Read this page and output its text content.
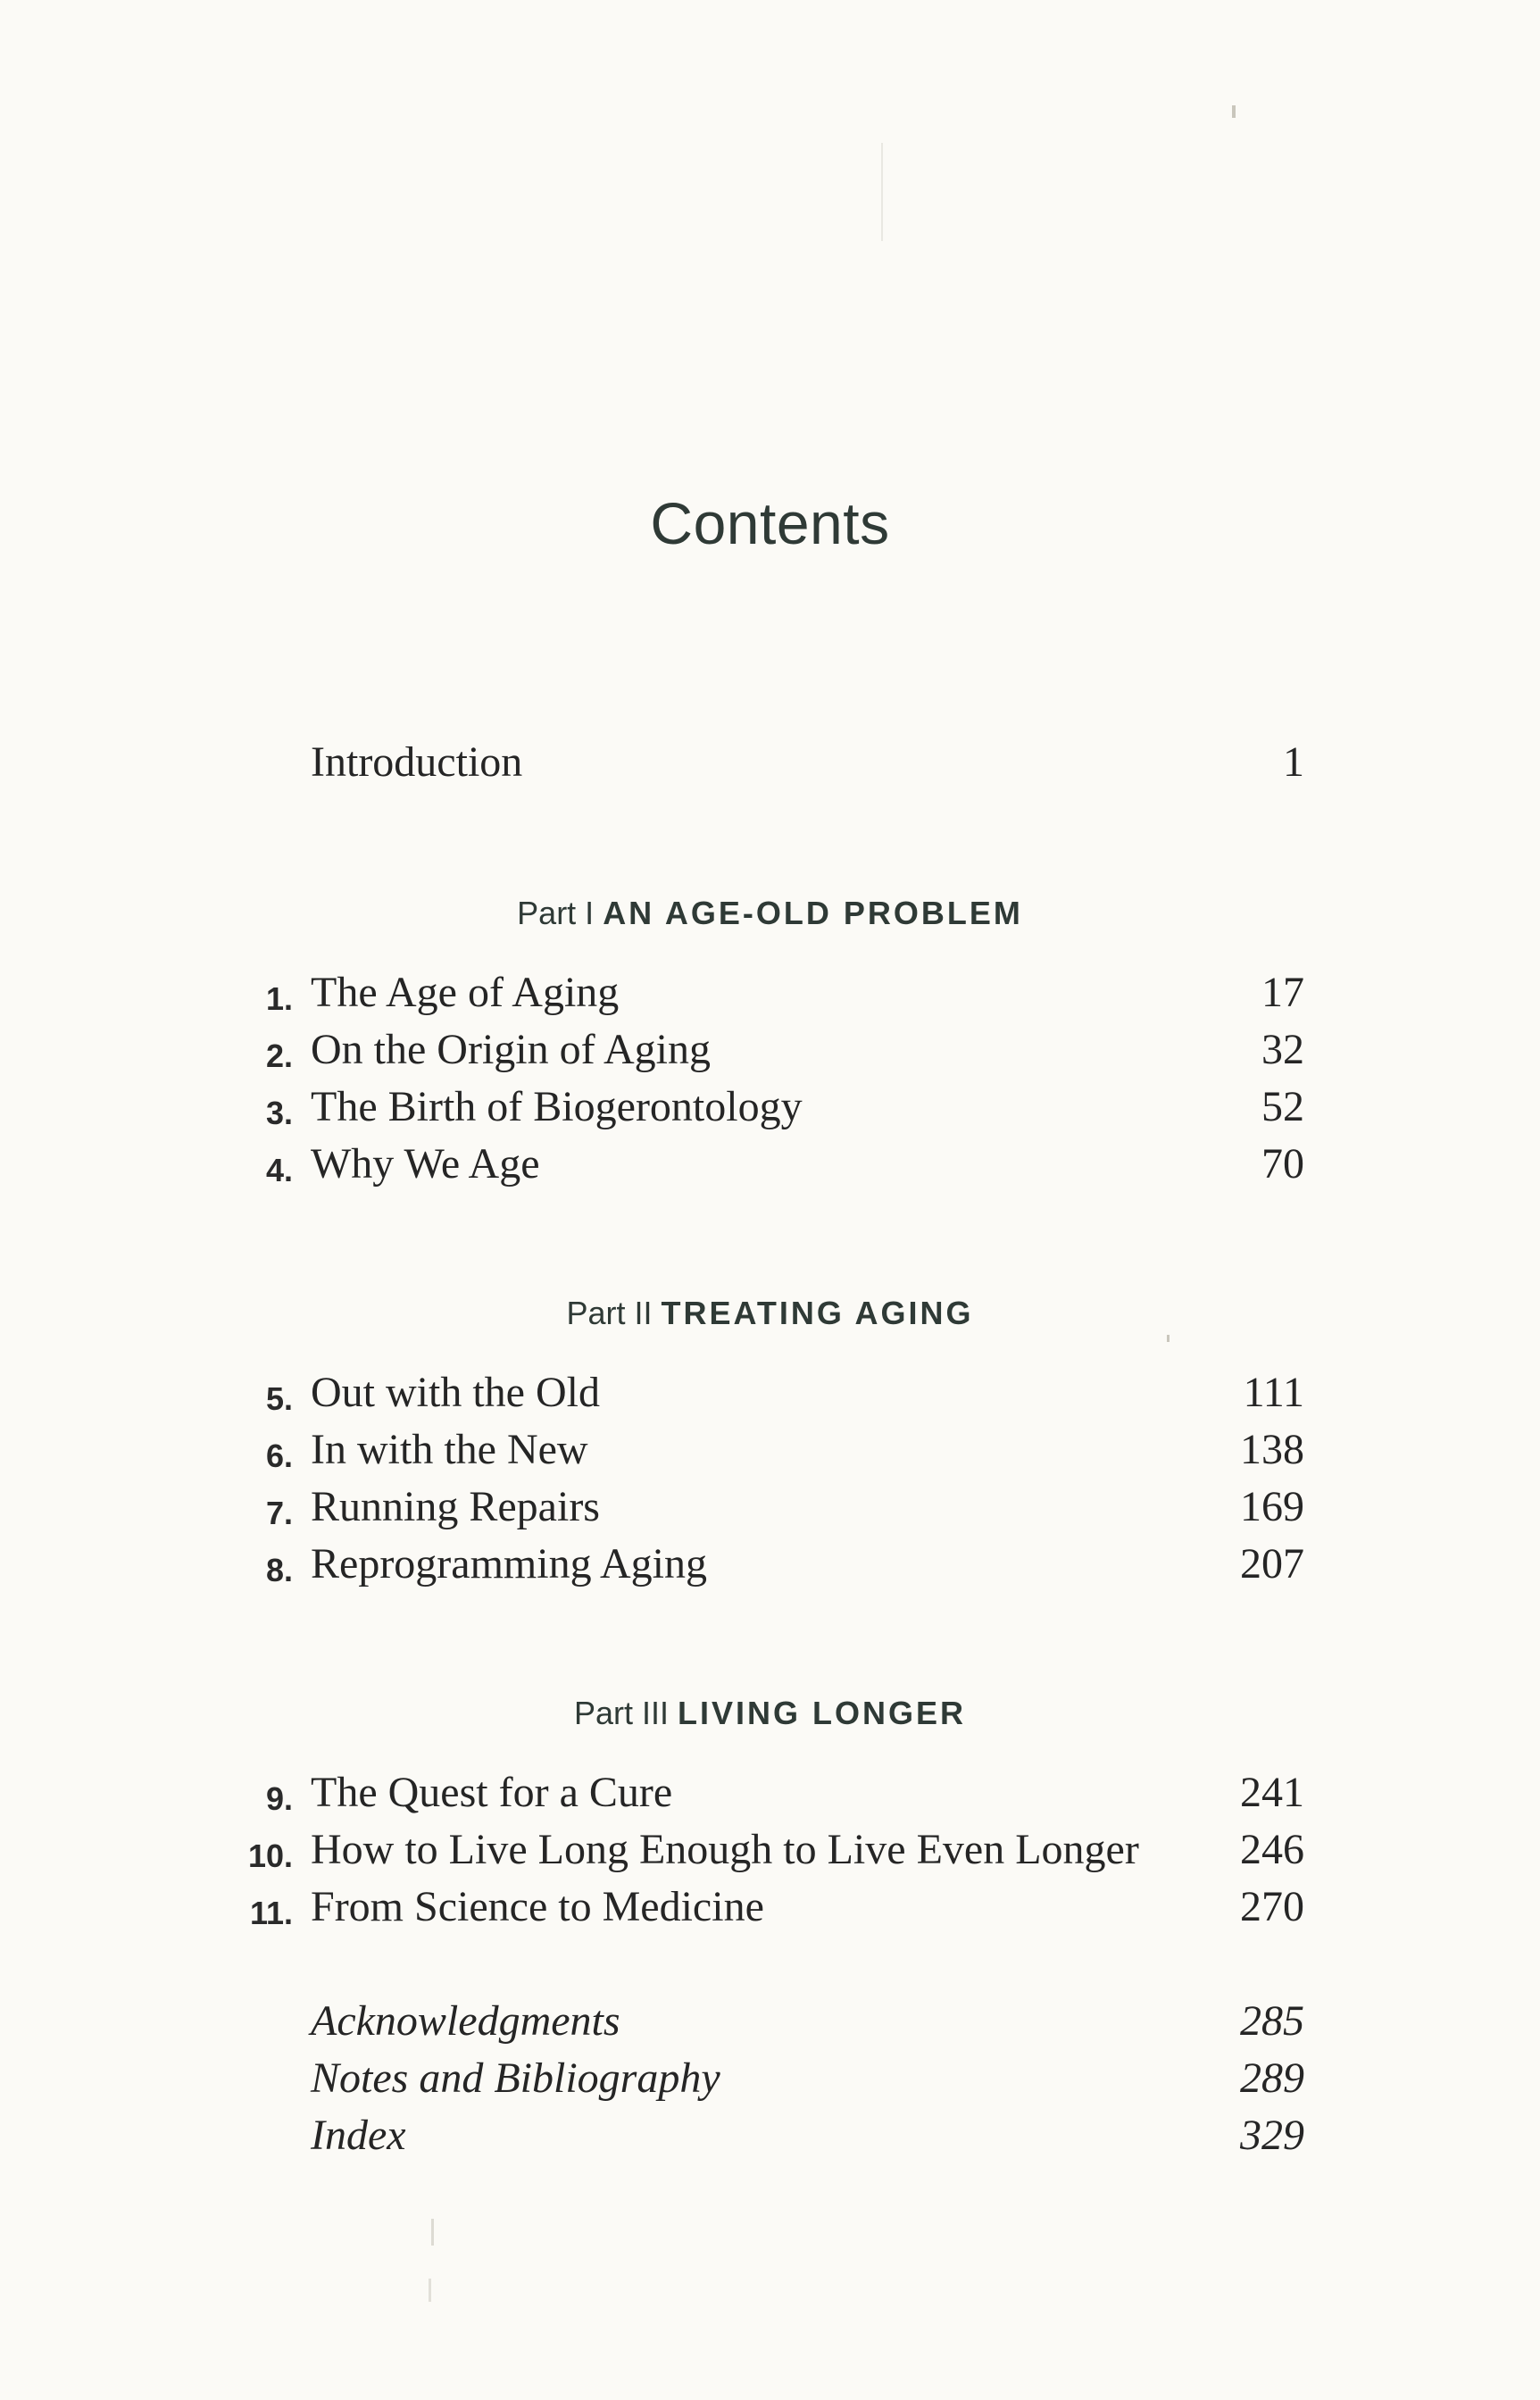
Contents
Introduction	1
Part I AN AGE-OLD PROBLEM
1. The Age of Aging	17
2. On the Origin of Aging	32
3. The Birth of Biogerontology	52
4. Why We Age	70
Part II TREATING AGING
5. Out with the Old	111
6. In with the New	138
7. Running Repairs	169
8. Reprogramming Aging	207
Part III LIVING LONGER
9. The Quest for a Cure	241
10. How to Live Long Enough to Live Even Longer 246
11. From Science to Medicine	270
Acknowledgments	285
Notes and Bibliography	289
Index	329
